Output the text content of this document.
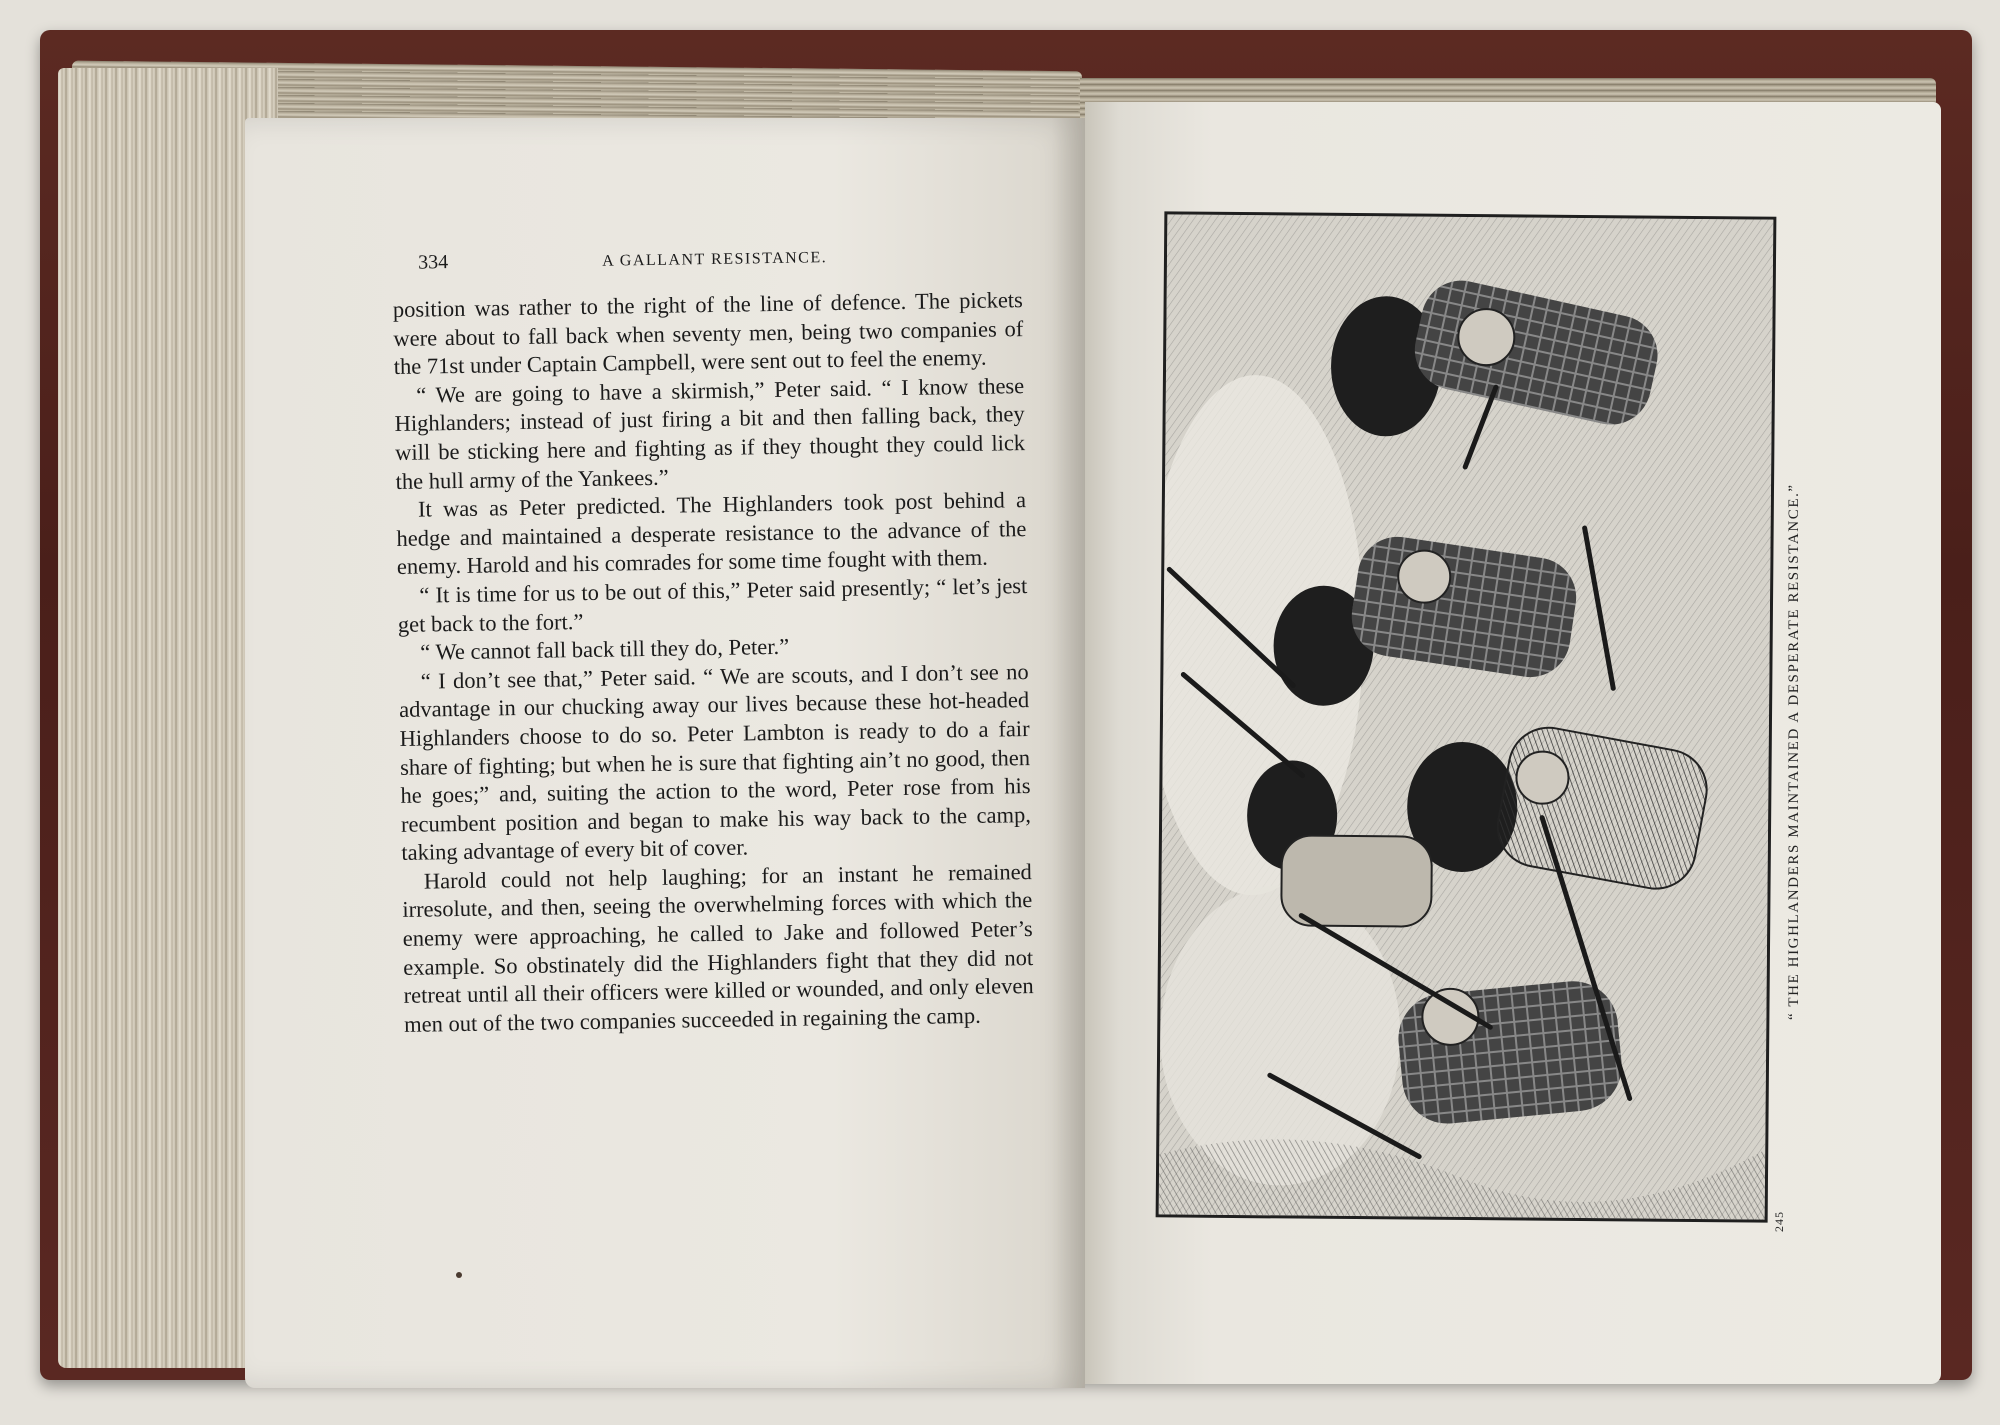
334	A GALLANT RESISTANCE.

position was rather to the right of the line of defence. The pickets were about to fall back when seventy men, being two companies of the 71st under Captain Campbell, were sent out to feel the enemy.

“ We are going to have a skirmish,” Peter said. “ I know these Highlanders; instead of just firing a bit and then falling back, they will be sticking here and fighting as if they thought they could lick the hull army of the Yankees.”

It was as Peter predicted. The Highlanders took post behind a hedge and maintained a desperate resistance to the advance of the enemy. Harold and his comrades for some time fought with them.

“ It is time for us to be out of this,” Peter said presently; “ let’s jest get back to the fort.”

“ We cannot fall back till they do, Peter.”

“ I don’t see that,” Peter said. “ We are scouts, and I don’t see no advantage in our chucking away our lives because these hot-headed Highlanders choose to do so. Peter Lambton is ready to do a fair share of fighting; but when he is sure that fighting ain’t no good, then he goes;” and, suiting the action to the word, Peter rose from his recumbent position and began to make his way back to the camp, taking advantage of every bit of cover.

Harold could not help laughing; for an instant he remained irresolute, and then, seeing the overwhelming forces with which the enemy were approaching, he called to Jake and followed Peter’s example. So obstinately did the Highlanders fight that they did not retreat until all their officers were killed or wounded, and only eleven men out of the two companies succeeded in regaining the camp.	“ THE HIGHLANDERS MAINTAINED A DESPERATE RESISTANCE.”
245
